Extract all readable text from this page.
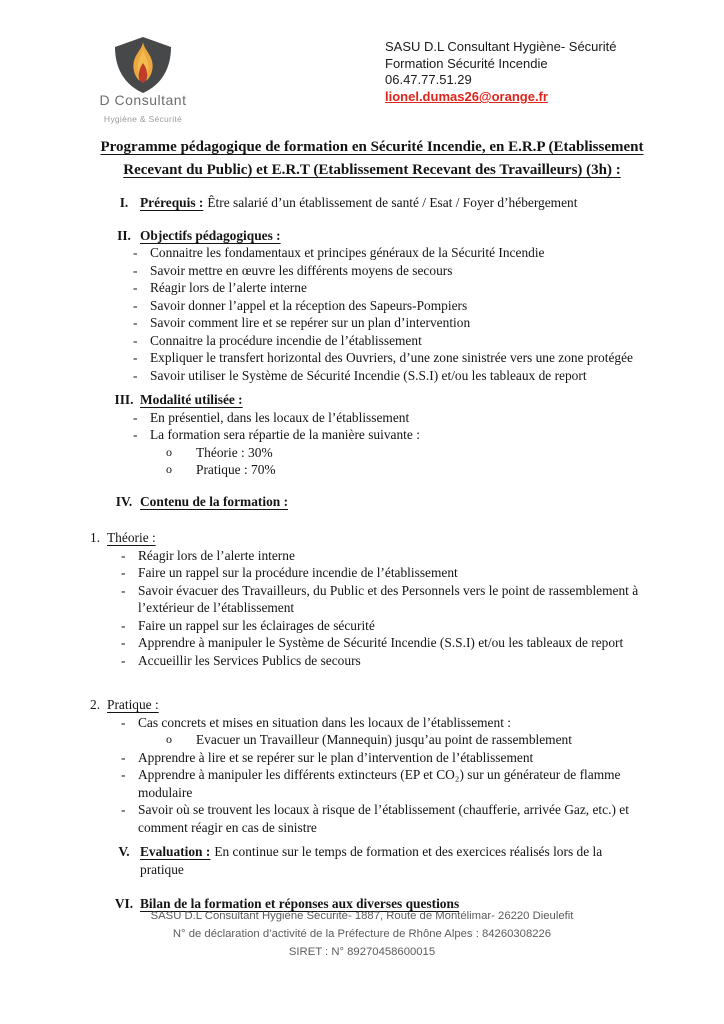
D Consultant
Hygiène & Sécurité
SASU D.L Consultant Hygiène- Sécurité
Formation Sécurité Incendie
06.47.77.51.29
lionel.dumas26@orange.fr
Programme pédagogique de formation en Sécurité Incendie, en E.R.P (Etablissement
Recevant du Public) et E.R.T (Etablissement Recevant des Travailleurs) (3h) :
I. Prérequis : Être salarié d’un établissement de santé / Esat / Foyer d’hébergement
II. Objectifs pédagogiques :
- Connaitre les fondamentaux et principes généraux de la Sécurité Incendie
- Savoir mettre en œuvre les différents moyens de secours
- Réagir lors de l’alerte interne
- Savoir donner l’appel et la réception des Sapeurs-Pompiers
- Savoir comment lire et se repérer sur un plan d’intervention
- Connaitre la procédure incendie de l’établissement
- Expliquer le transfert horizontal des Ouvriers, d’une zone sinistrée vers une zone protégée
- Savoir utiliser le Système de Sécurité Incendie (S.S.I) et/ou les tableaux de report
III. Modalité utilisée :
- En présentiel, dans les locaux de l’établissement
- La formation sera répartie de la manière suivante :
o	Théorie : 30%
o	Pratique : 70%
IV. Contenu de la formation :
1. Théorie :
- Réagir lors de l’alerte interne
- Faire un rappel sur la procédure incendie de l’établissement
- Savoir évacuer des Travailleurs, du Public et des Personnels vers le point de rassemblement à l’extérieur de l’établissement
- Faire un rappel sur les éclairages de sécurité
- Apprendre à manipuler le Système de Sécurité Incendie (S.S.I) et/ou les tableaux de report
- Accueillir les Services Publics de secours
2. Pratique :
- Cas concrets et mises en situation dans les locaux de l’établissement :
o	Evacuer un Travailleur (Mannequin) jusqu’au point de rassemblement
- Apprendre à lire et se repérer sur le plan d’intervention de l’établissement
- Apprendre à manipuler les différents extincteurs (EP et CO₂) sur un générateur de flamme modulaire
- Savoir où se trouvent les locaux à risque de l’établissement (chaufferie, arrivée Gaz, etc.) et comment réagir en cas de sinistre
V. Evaluation : En continue sur le temps de formation et des exercices réalisés lors de la pratique
VI. Bilan de la formation et réponses aux diverses questions
SASU D.L Consultant Hygiène Sécurité- 1887, Route de Montélimar- 26220 Dieulefit
N° de déclaration d’activité de la Préfecture de Rhône Alpes : 84260308226
SIRET : N° 89270458600015
